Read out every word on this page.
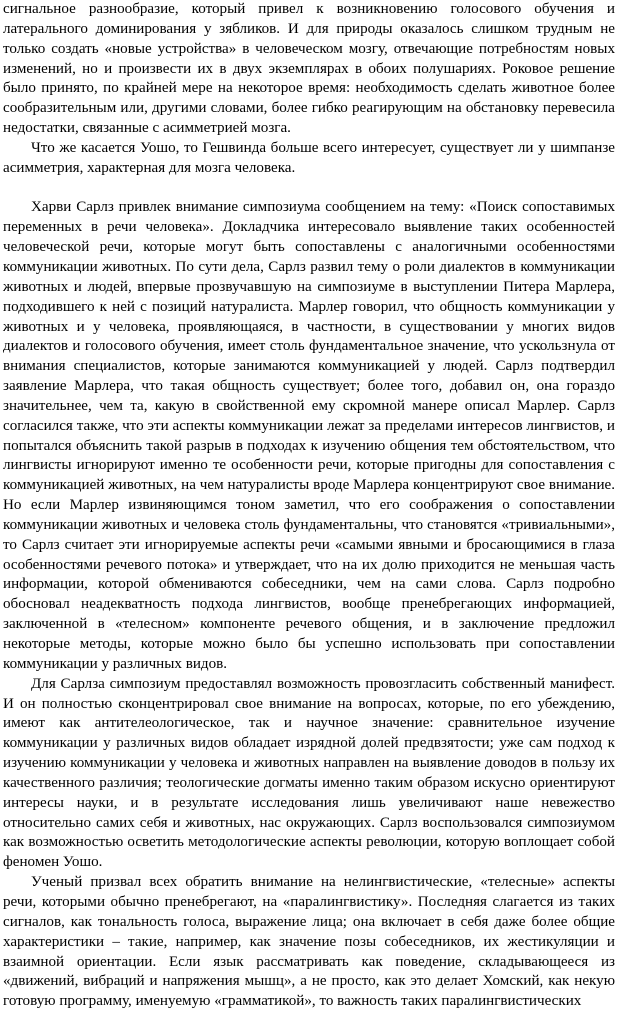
сигнальное разнообразие, который привел к возникновению голосового обучения и латерального доминирования у зябликов. И для природы оказалось слишком трудным не только создать «новые устройства» в человеческом мозгу, отвечающие потребностям новых изменений, но и произвести их в двух экземплярах в обоих полушариях. Роковое решение было принято, по крайней мере на некоторое время: необходимость сделать животное более сообразительным или, другими словами, более гибко реагирующим на обстановку перевесила недостатки, связанные с асимметрией мозга.

Что же касается Уошо, то Гешвинда больше всего интересует, существует ли у шимпанзе асимметрия, характерная для мозга человека.

Харви Сарлз привлек внимание симпозиума сообщением на тему: «Поиск сопоставимых переменных в речи человека». Докладчика интересовало выявление таких особенностей человеческой речи, которые могут быть сопоставлены с аналогичными особенностями коммуникации животных. По сути дела, Сарлз развил тему о роли диалектов в коммуникации животных и людей, впервые прозвучавшую на симпозиуме в выступлении Питера Марлера, подходившего к ней с позиций натуралиста. Марлер говорил, что общность коммуникации у животных и у человека, проявляющаяся, в частности, в существовании у многих видов диалектов и голосового обучения, имеет столь фундаментальное значение, что ускользнула от внимания специалистов, которые занимаются коммуникацией у людей. Сарлз подтвердил заявление Марлера, что такая общность существует; более того, добавил он, она гораздо значительнее, чем та, какую в свойственной ему скромной манере описал Марлер. Сарлз согласился также, что эти аспекты коммуникации лежат за пределами интересов лингвистов, и попытался объяснить такой разрыв в подходах к изучению общения тем обстоятельством, что лингвисты игнорируют именно те особенности речи, которые пригодны для сопоставления с коммуникацией животных, на чем натуралисты вроде Марлера концентрируют свое внимание. Но если Марлер извиняющимся тоном заметил, что его соображения о сопоставлении коммуникации животных и человека столь фундаментальны, что становятся «тривиальными», то Сарлз считает эти игнорируемые аспекты речи «самыми явными и бросающимися в глаза особенностями речевого потока» и утверждает, что на их долю приходится не меньшая часть информации, которой обмениваются собеседники, чем на сами слова. Сарлз подробно обосновал неадекватность подхода лингвистов, вообще пренебрегающих информацией, заключенной в «телесном» компоненте речевого общения, и в заключение предложил некоторые методы, которые можно было бы успешно использовать при сопоставлении коммуникации у различных видов.

Для Сарлза симпозиум предоставлял возможность провозгласить собственный манифест. И он полностью сконцентрировал свое внимание на вопросах, которые, по его убеждению, имеют как антителеологическое, так и научное значение: сравнительное изучение коммуникации у различных видов обладает изрядной долей предвзятости; уже сам подход к изучению коммуникации у человека и животных направлен на выявление доводов в пользу их качественного различия; теологические догматы именно таким образом искусно ориентируют интересы науки, и в результате исследования лишь увеличивают наше невежество относительно самих себя и животных, нас окружающих. Сарлз воспользовался симпозиумом как возможностью осветить методологические аспекты революции, которую воплощает собой феномен Уошо.

Ученый призвал всех обратить внимание на нелингвистические, «телесные» аспекты речи, которыми обычно пренебрегают, на «паралингвистику». Последняя слагается из таких сигналов, как тональность голоса, выражение лица; она включает в себя даже более общие характеристики – такие, например, как значение позы собеседников, их жестикуляции и взаимной ориентации. Если язык рассматривать как поведение, складывающееся из «движений, вибраций и напряжения мышц», а не просто, как это делает Хомский, как некую готовую программу, именуемую «грамматикой», то важность таких паралингвистических
